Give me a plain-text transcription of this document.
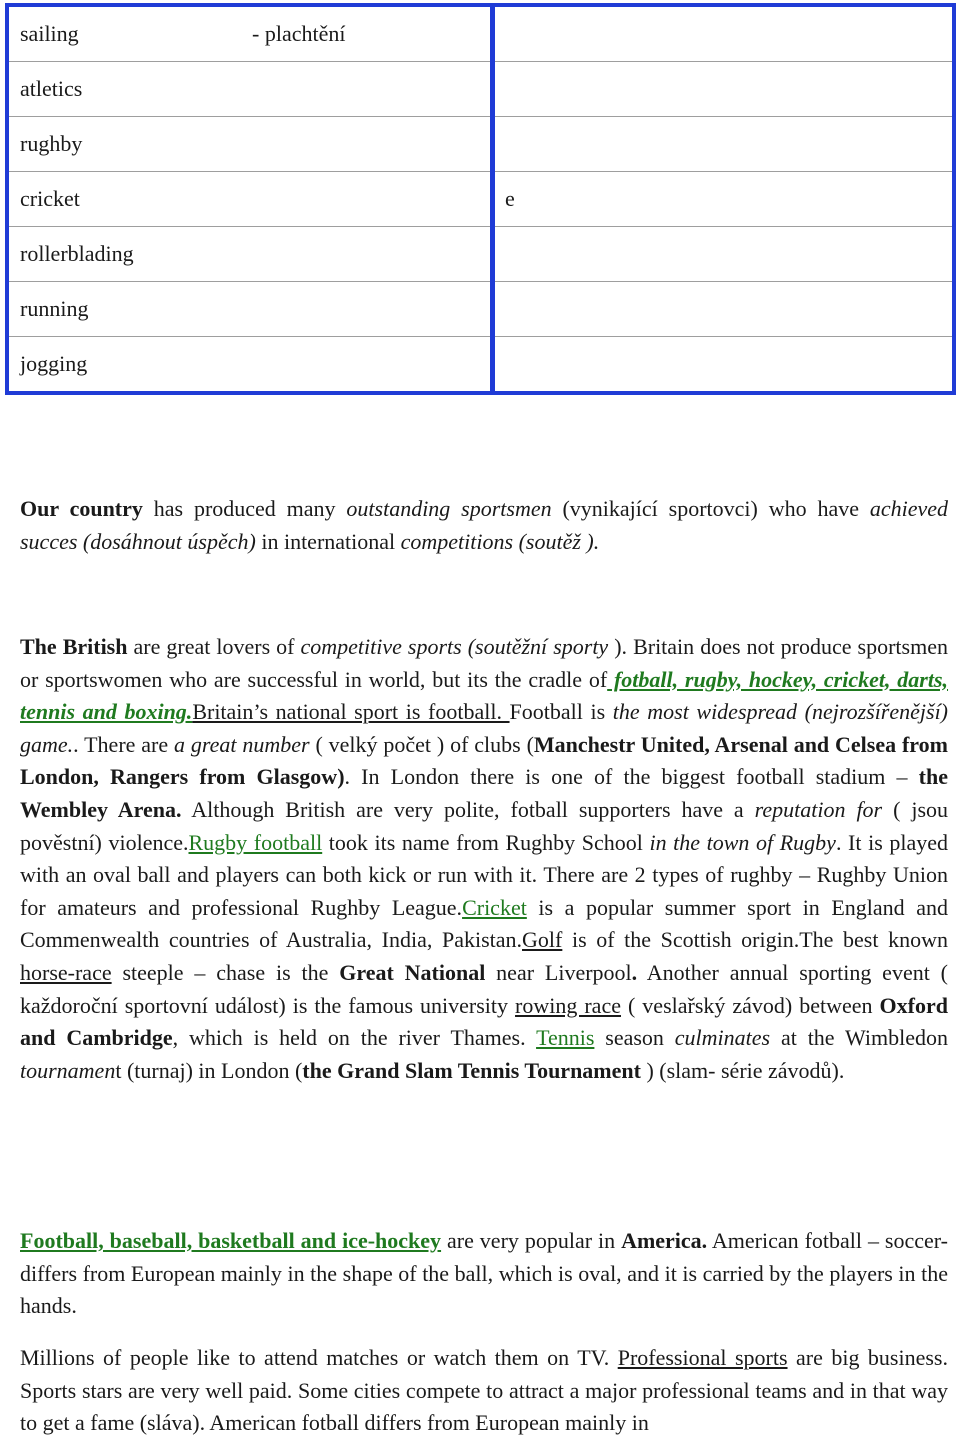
sailing - plachtění	
atletics	
rughby	
cricket	e
rollerblading	
running	
jogging	

Our country has produced many outstanding sportsmen (vynikající sportovci) who have achieved succes (dosáhnout úspěch) in international competitions (soutěž ).

The British are great lovers of competitive sports (soutěžní sporty ). Britain does not produce sportsmen or sportswomen who are successful in world, but its the cradle of fotball, rugby, hockey, cricket, darts, tennis and boxing.Britain’s national sport is football. Football is the most widespread (nejrozšířenější) game.. There are a great number ( velký počet ) of clubs (Manchestr United, Arsenal and Celsea from London, Rangers from Glasgow). In London there is one of the biggest football stadium – the Wembley Arena. Although British are very polite, fotball supporters have a reputation for ( jsou pověstní) violence.Rugby football took its name from Rughby School in the town of Rugby. It is played with an oval ball and players can both kick or run with it. There are 2 types of rughby – Rughby Union for amateurs and professional Rughby League.Cricket is a popular summer sport in England and Commenwealth countries of Australia, India, Pakistan.Golf is of the Scottish origin.The best known horse-race steeple – chase is the Great National near Liverpool. Another annual sporting event ( každoroční sportovní událost) is the famous university rowing race ( veslařský závod) between Oxford and Cambridge, which is held on the river Thames. Tennis season culminates at the Wimbledon tournament (turnaj) in London (the Grand Slam Tennis Tournament ) (slam- série závodů).

Football, baseball, basketball and ice-hockey are very popular in America. American fotball – soccer- differs from European mainly in the shape of the ball, which is oval, and it is carried by the players in the hands.

Millions of people like to attend matches or watch them on TV. Professional sports are big business. Sports stars are very well paid. Some cities compete to attract a major professional teams and in that way to get a fame (sláva). American fotball differs from European mainly in
